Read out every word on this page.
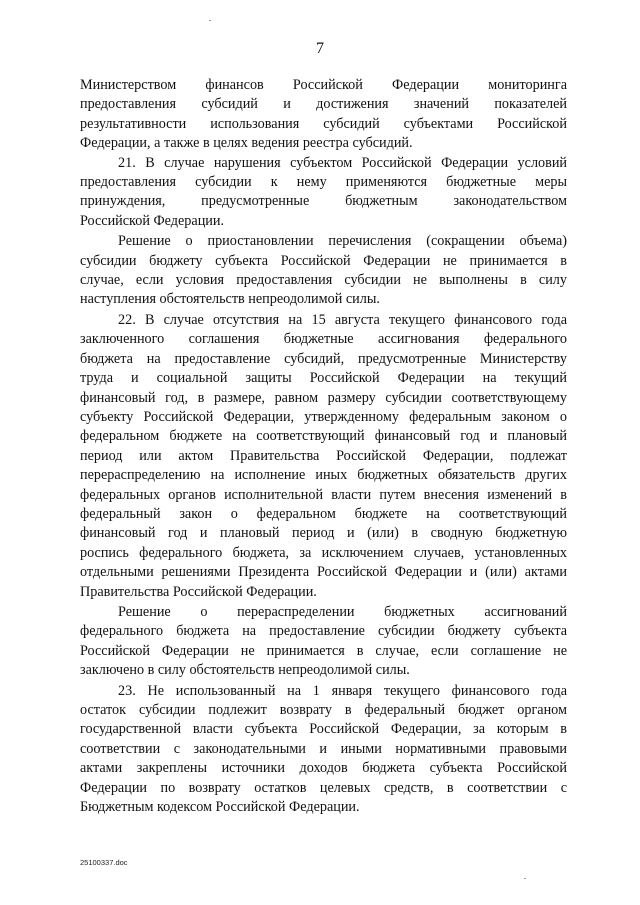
7

Министерством финансов Российской Федерации мониторинга
предоставления субсидий и достижения значений показателей
результативности использования субсидий субъектами Российской
Федерации, а также в целях ведения реестра субсидий.

21. В случае нарушения субъектом Российской Федерации условий
предоставления субсидии к нему применяются бюджетные меры
принуждения, предусмотренные бюджетным законодательством
Российской Федерации.

Решение о приостановлении перечисления (сокращении объема)
субсидии бюджету субъекта Российской Федерации не принимается в
случае, если условия предоставления субсидии не выполнены в силу
наступления обстоятельств непреодолимой силы.

22. В случае отсутствия на 15 августа текущего финансового года
заключенного соглашения бюджетные ассигнования федерального
бюджета на предоставление субсидий, предусмотренные Министерству
труда и социальной защиты Российской Федерации на текущий
финансовый год, в размере, равном размеру субсидии соответствующему
субъекту Российской Федерации, утвержденному федеральным законом о
федеральном бюджете на соответствующий финансовый год и плановый
период или актом Правительства Российской Федерации, подлежат
перераспределению на исполнение иных бюджетных обязательств других
федеральных органов исполнительной власти путем внесения изменений в
федеральный закон о федеральном бюджете на соответствующий
финансовый год и плановый период и (или) в сводную бюджетную
роспись федерального бюджета, за исключением случаев, установленных
отдельными решениями Президента Российской Федерации и (или) актами
Правительства Российской Федерации.

Решение о перераспределении бюджетных ассигнований
федерального бюджета на предоставление субсидии бюджету субъекта
Российской Федерации не принимается в случае, если соглашение не
заключено в силу обстоятельств непреодолимой силы.

23. Не использованный на 1 января текущего финансового года
остаток субсидии подлежит возврату в федеральный бюджет органом
государственной власти субъекта Российской Федерации, за которым в
соответствии с законодательными и иными нормативными правовыми
актами закреплены источники доходов бюджета субъекта Российской
Федерации по возврату остатков целевых средств, в соответствии с
Бюджетным кодексом Российской Федерации.

25100337.doc
